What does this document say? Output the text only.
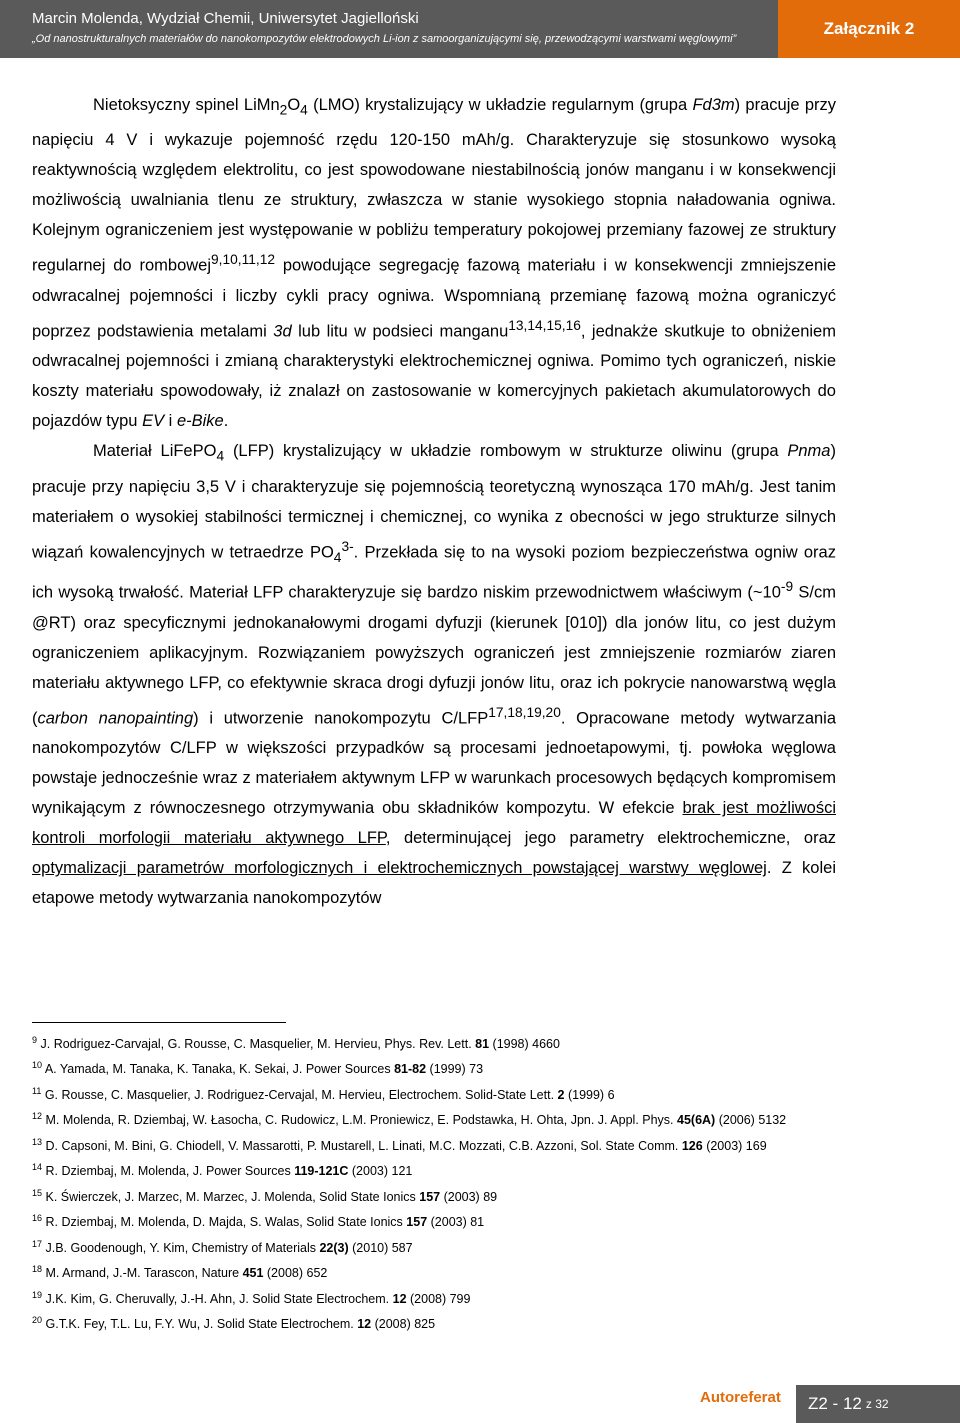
Marcin Molenda, Wydział Chemii, Uniwersytet Jagielloński
„Od nanostrukturalnych materiałów do nanokompozytów elektrodowych Li-ion z samoorganizującymi się, przewodzącymi warstwami węglowymi”
Załącznik 2

Nietoksyczny spinel $LiMn_2O_4$ (LMO) krystalizujący w układzie regularnym (grupa Fd3m) pracuje przy napięciu 4 V i wykazuje pojemność rzędu 120-150 mAh/g. Charakteryzuje się stosunkowo wysoką reaktywnością względem elektrolitu, co jest spowodowane niestabilnością jonów manganu i w konsekwencji możliwością uwalniania tlenu ze struktury, zwłaszcza w stanie wysokiego stopnia naładowania ogniwa. Kolejnym ograniczeniem jest występowanie w pobliżu temperatury pokojowej przemiany fazowej ze struktury regularnej do rombowej$^{9,10,11,12}$ powodujące segregację fazową materiału i w konsekwencji zmniejszenie odwracalnej pojemności i liczby cykli pracy ogniwa. Wspomnianą przemianę fazową można ograniczyć poprzez podstawienia metalami 3d lub litu w podsieci manganu$^{13,14,15,16}$, jednakże skutkuje to obniżeniem odwracalnej pojemności i zmianą charakterystyki elektrochemicznej ogniwa. Pomimo tych ograniczeń, niskie koszty materiału spowodowały, iż znalazł on zastosowanie w komercyjnych pakietach akumulatorowych do pojazdów typu EV i e-Bike.

Materiał LiFePO$_4$ (LFP) krystalizujący w układzie rombowym w strukturze oliwinu (grupa Pnma) pracuje przy napięciu 3,5 V i charakteryzuje się pojemnością teoretyczną wynosząca 170 mAh/g. Jest tanim materiałem o wysokiej stabilności termicznej i chemicznej, co wynika z obecności w jego strukturze silnych wiązań kowalencyjnych w tetraedrze $PO_4^{3-}$. Przekłada się to na wysoki poziom bezpieczeństwa ogniw oraz ich wysoką trwałość. Materiał LFP charakteryzuje się bardzo niskim przewodnictwem właściwym ($\sim 10^{-9}$ S/cm @RT) oraz specyficznymi jednokanałowymi drogami dyfuzji (kierunek [010]) dla jonów litu, co jest dużym ograniczeniem aplikacyjnym. Rozwiązaniem powyższych ograniczeń jest zmniejszenie rozmiarów ziaren materiału aktywnego LFP, co efektywnie skraca drogi dyfuzji jonów litu, oraz ich pokrycie nanowarstwą węgla (carbon nanopainting) i utworzenie nanokompozytu C/LFP$^{17,18,19,20}$. Opracowane metody wytwarzania nanokompozytów C/LFP w większości przypadków są procesami jednoetapowymi, tj. powłoka węglowa powstaje jednocześnie wraz z materiałem aktywnym LFP w warunkach procesowych będących kompromisem wynikającym z równoczesnego otrzymywania obu składników kompozytu. W efekcie brak jest możliwości kontroli morfologii materiału aktywnego LFP, determinującej jego parametry elektrochemiczne, oraz optymalizacji parametrów morfologicznych i elektrochemicznych powstającej warstwy węglowej. Z kolei etapowe metody wytwarzania nanokompozytów

$^9$ J. Rodriguez-Carvajal, G. Rousse, C. Masquelier, M. Hervieu, Phys. Rev. Lett. 81 (1998) 4660

$^{10}$ A. Yamada, M. Tanaka, K. Tanaka, K. Sekai, J. Power Sources 81-82 (1999) 73

$^{11}$ G. Rousse, C. Masquelier, J. Rodriguez-Cervajal, M. Hervieu, Electrochem. Solid-State Lett. 2 (1999) 6

$^{12}$ M. Molenda, R. Dziembaj, W. Łasocha, C. Rudowicz, L.M. Proniewicz, E. Podstawka, H. Ohta, Jpn. J. Appl. Phys. 45(6A) (2006) 5132

$^{13}$ D. Capsoni, M. Bini, G. Chiodell, V. Massarotti, P. Mustarell, L. Linati, M.C. Mozzati, C.B. Azzoni, Sol. State Comm. 126 (2003) 169

$^{14}$ R. Dziembaj, M. Molenda, J. Power Sources 119-121C (2003) 121

$^{15}$ K. Świerczek, J. Marzec, M. Marzec, J. Molenda, Solid State Ionics 157 (2003) 89

$^{16}$ R. Dziembaj, M. Molenda, D. Majda, S. Walas, Solid State Ionics 157 (2003) 81

$^{17}$ J.B. Goodenough, Y. Kim, Chemistry of Materials 22(3) (2010) 587

$^{18}$ M. Armand, J.-M. Tarascon, Nature 451 (2008) 652

$^{19}$ J.K. Kim, G. Cheruvally, J.-H. Ahn, J. Solid State Electrochem. 12 (2008) 799

$^{20}$ G.T.K. Fey, T.L. Lu, F.Y. Wu, J. Solid State Electrochem. 12 (2008) 825

Autoreferat Z2 - 12 z 32
